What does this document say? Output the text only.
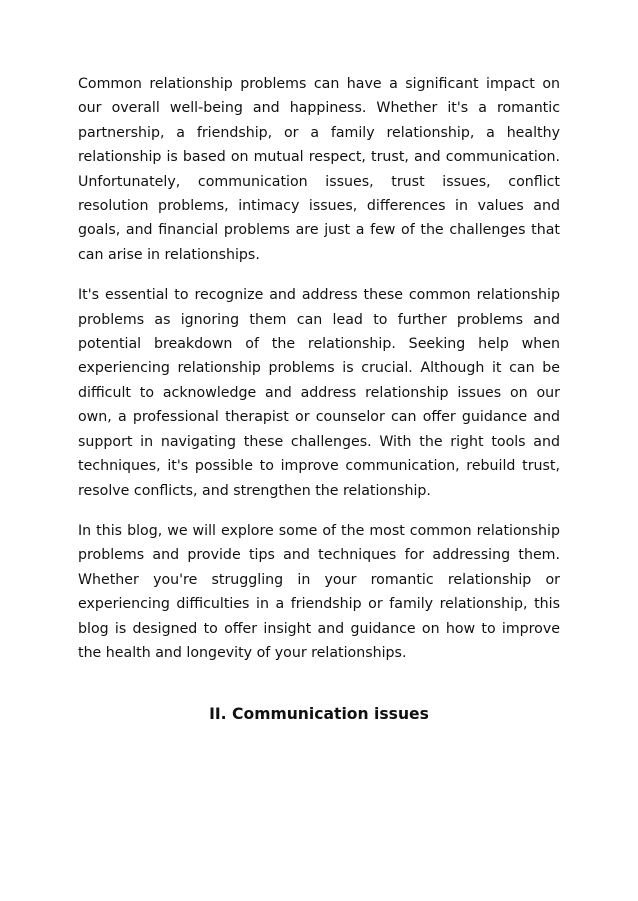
Common relationship problems can have a significant impact on our overall well-being and happiness. Whether it's a romantic partnership, a friendship, or a family relationship, a healthy relationship is based on mutual respect, trust, and communication. Unfortunately, communication issues, trust issues, conflict resolution problems, intimacy issues, differences in values and goals, and financial problems are just a few of the challenges that can arise in relationships.

It's essential to recognize and address these common relationship problems as ignoring them can lead to further problems and potential breakdown of the relationship. Seeking help when experiencing relationship problems is crucial. Although it can be difficult to acknowledge and address relationship issues on our own, a professional therapist or counselor can offer guidance and support in navigating these challenges. With the right tools and techniques, it's possible to improve communication, rebuild trust, resolve conflicts, and strengthen the relationship.

In this blog, we will explore some of the most common relationship problems and provide tips and techniques for addressing them. Whether you're struggling in your romantic relationship or experiencing difficulties in a friendship or family relationship, this blog is designed to offer insight and guidance on how to improve the health and longevity of your relationships.

II. Communication issues
